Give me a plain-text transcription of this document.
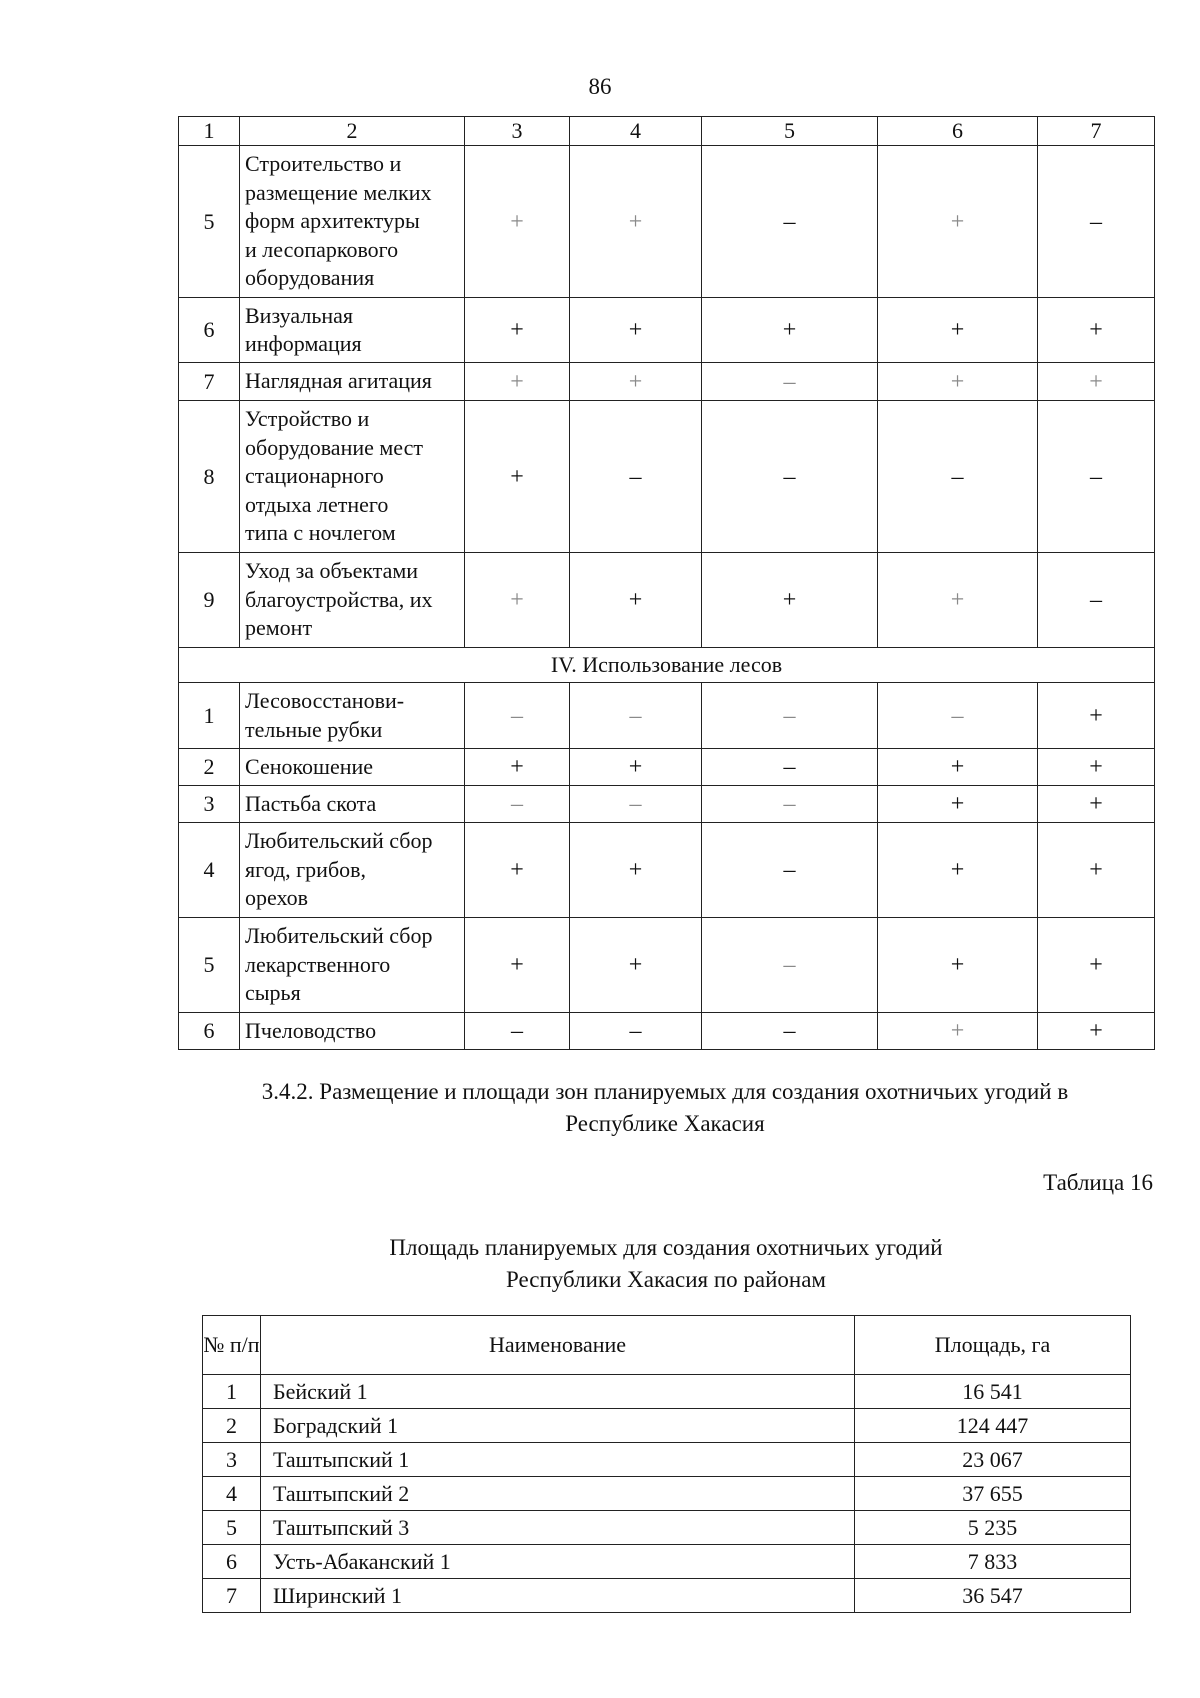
86
1	2	3	4	5	6	7
5	Строительство и
размещение мелких
форм архитектуры
и лесопаркового
оборудования	+	+	–	+	–
6	Визуальная
информация	+	+	+	+	+
7	Наглядная агитация	+	+	–	+	+
8	Устройство и
оборудование мест
стационарного
отдыха летнего
типа с ночлегом	+	–	–	–	–
9	Уход за объектами
благоустройства, их
ремонт	+	+	+	+	–
IV. Использование лесов						
1	Лесовосстанови-
тельные рубки	–	–	–	–	+
2	Сенокошение	+	+	–	+	+
3	Пастьба скота	–	–	–	+	+
4	Любительский сбор
ягод, грибов,
орехов	+	+	–	+	+
5	Любительский сбор
лекарственного
сырья	+	+	–	+	+
6	Пчеловодство	–	–	–	+	+
3.4.2. Размещение и площади зон планируемых для создания охотничьих угодий в
Республике Хакасия
Таблица 16
Площадь планируемых для создания охотничьих угодий
Республики Хакасия по районам
№ п/п	Наименование	Площадь, га
1	Бейский 1	16 541
2	Боградский 1	124 447
3	Таштыпский 1	23 067
4	Таштыпский 2	37 655
5	Таштыпский 3	5 235
6	Усть-Абаканский 1	7 833
7	Ширинский 1	36 547
